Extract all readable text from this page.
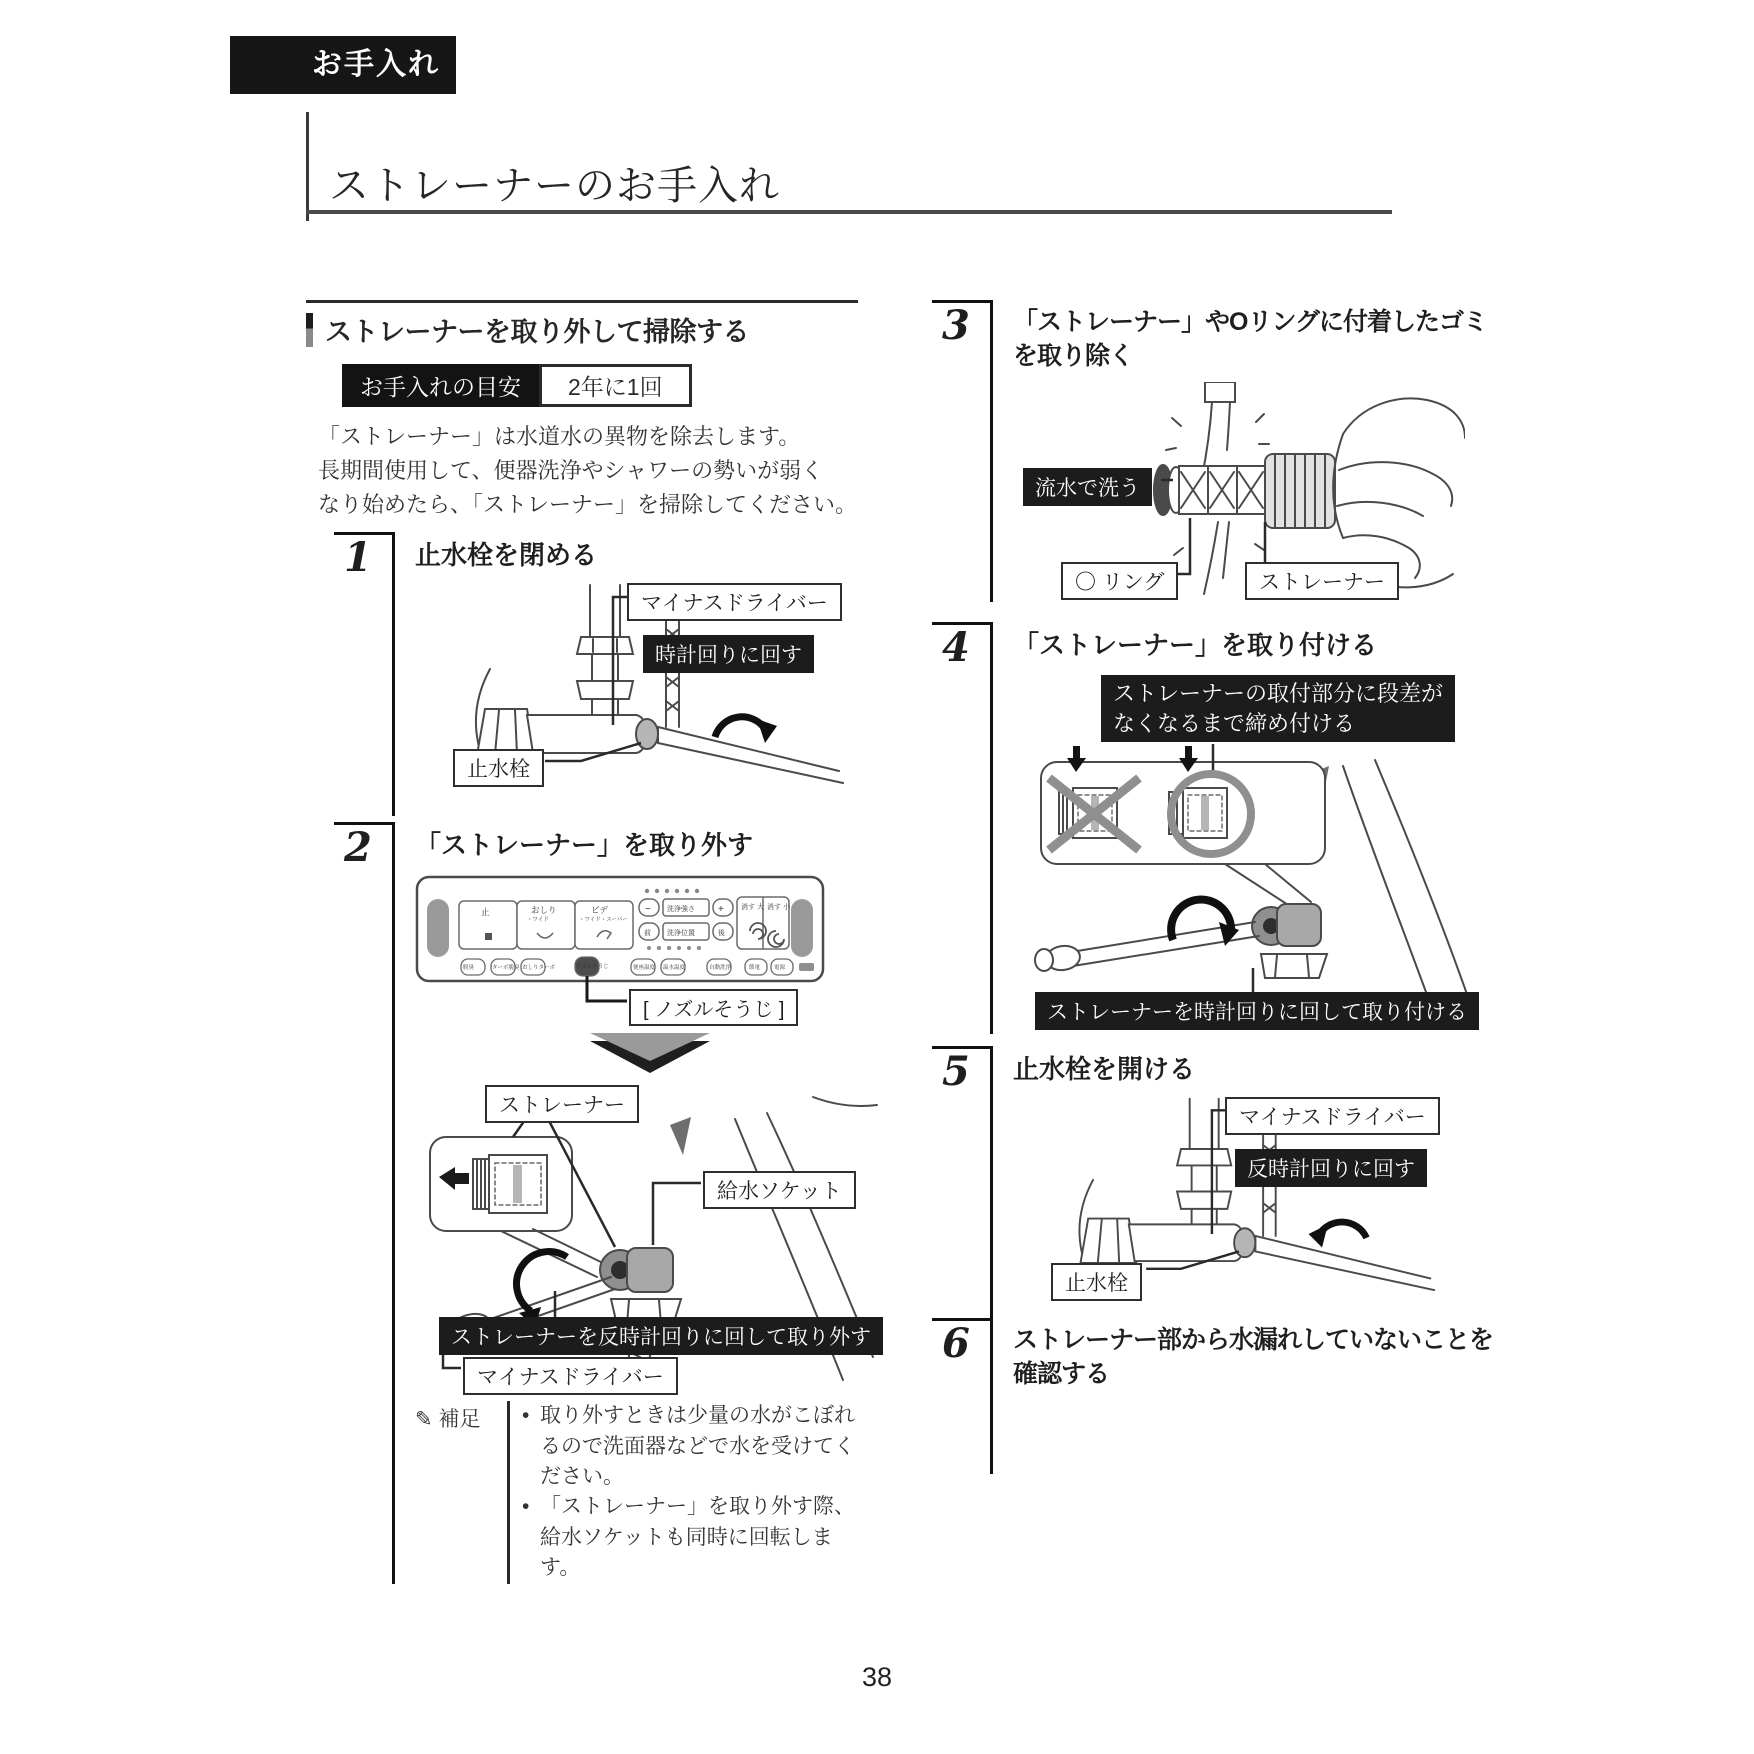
お手入れ
ストレーナーのお手入れ
ストレーナーを取り外して掃除する
お手入れの目安	2年に1回
「ストレーナー」は水道水の異物を除去します。
長期間使用して、便器洗浄やシャワーの勢いが弱く
なり始めたら、「ストレーナー」を掃除してください。
1	止水栓を閉める
マイナスドライバー
時計回りに回す
止水栓
2	「ストレーナー」を取り外す
[ ノズルそうじ ]
止	おしり
・ワイド
ビデ
・ワイド・スーパー
− 洗浄強さ +
前 洗浄位置	後
消す 大 消す 小
脱臭	ターボ脱臭 おしりターボ	ノズルそうじ	便座温度 温水温度	自動洗浄	節電	電源
ストレーナー
給水ソケット
ストレーナーを反時計回りに回して取り外す
マイナスドライバー
✎ 補足	• 取り外すときは少量の水がこぼれるので洗面器などで水を受けてください。
• 「ストレーナー」を取り外す際、給水ソケットも同時に回転します。
3	「ストレーナー」やOリングに付着したゴミ
を取り除く
流水で洗う
〇 リング	ストレーナー
4	「ストレーナー」を取り付ける
ストレーナーの取付部分に段差がなくなるまで締め付ける
ストレーナーを時計回りに回して取り付ける
5	止水栓を開ける
マイナスドライバー
反時計回りに回す
止水栓
6	ストレーナー部から水漏れしていないことを
確認する
38
